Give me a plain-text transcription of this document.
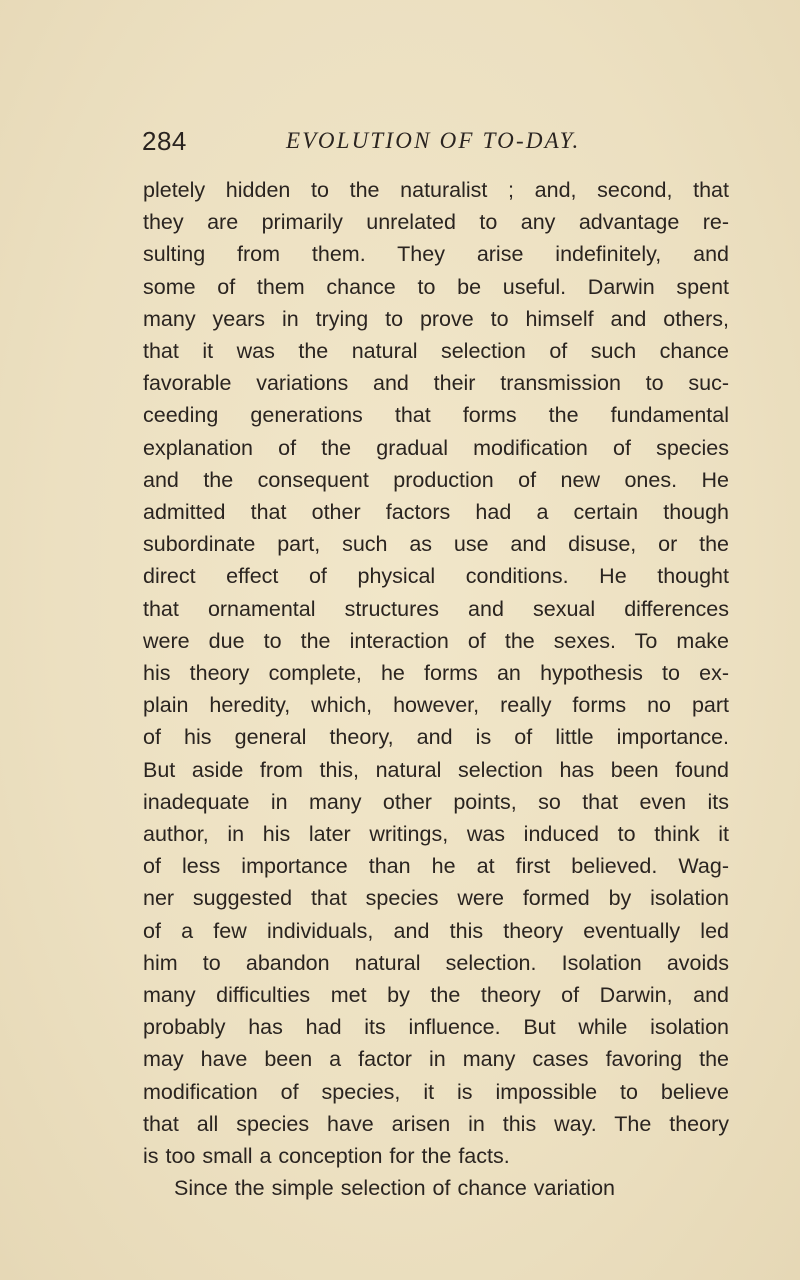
284	EVOLUTION OF TO-DAY.
pletely hidden to the naturalist ; and, second, that
they are primarily unrelated to any advantage re-
sulting from them. They arise indefinitely, and
some of them chance to be useful. Darwin spent
many years in trying to prove to himself and others,
that it was the natural selection of such chance
favorable variations and their transmission to suc-
ceeding generations that forms the fundamental
explanation of the gradual modification of species
and the consequent production of new ones. He
admitted that other factors had a certain though
subordinate part, such as use and disuse, or the
direct effect of physical conditions. He thought
that ornamental structures and sexual differences
were due to the interaction of the sexes. To make
his theory complete, he forms an hypothesis to ex-
plain heredity, which, however, really forms no part
of his general theory, and is of little importance.
But aside from this, natural selection has been found
inadequate in many other points, so that even its
author, in his later writings, was induced to think it
of less importance than he at first believed. Wag-
ner suggested that species were formed by isolation
of a few individuals, and this theory eventually led
him to abandon natural selection. Isolation avoids
many difficulties met by the theory of Darwin, and
probably has had its influence. But while isolation
may have been a factor in many cases favoring the
modification of species, it is impossible to believe
that all species have arisen in this way. The theory
is too small a conception for the facts.
Since the simple selection of chance variation
